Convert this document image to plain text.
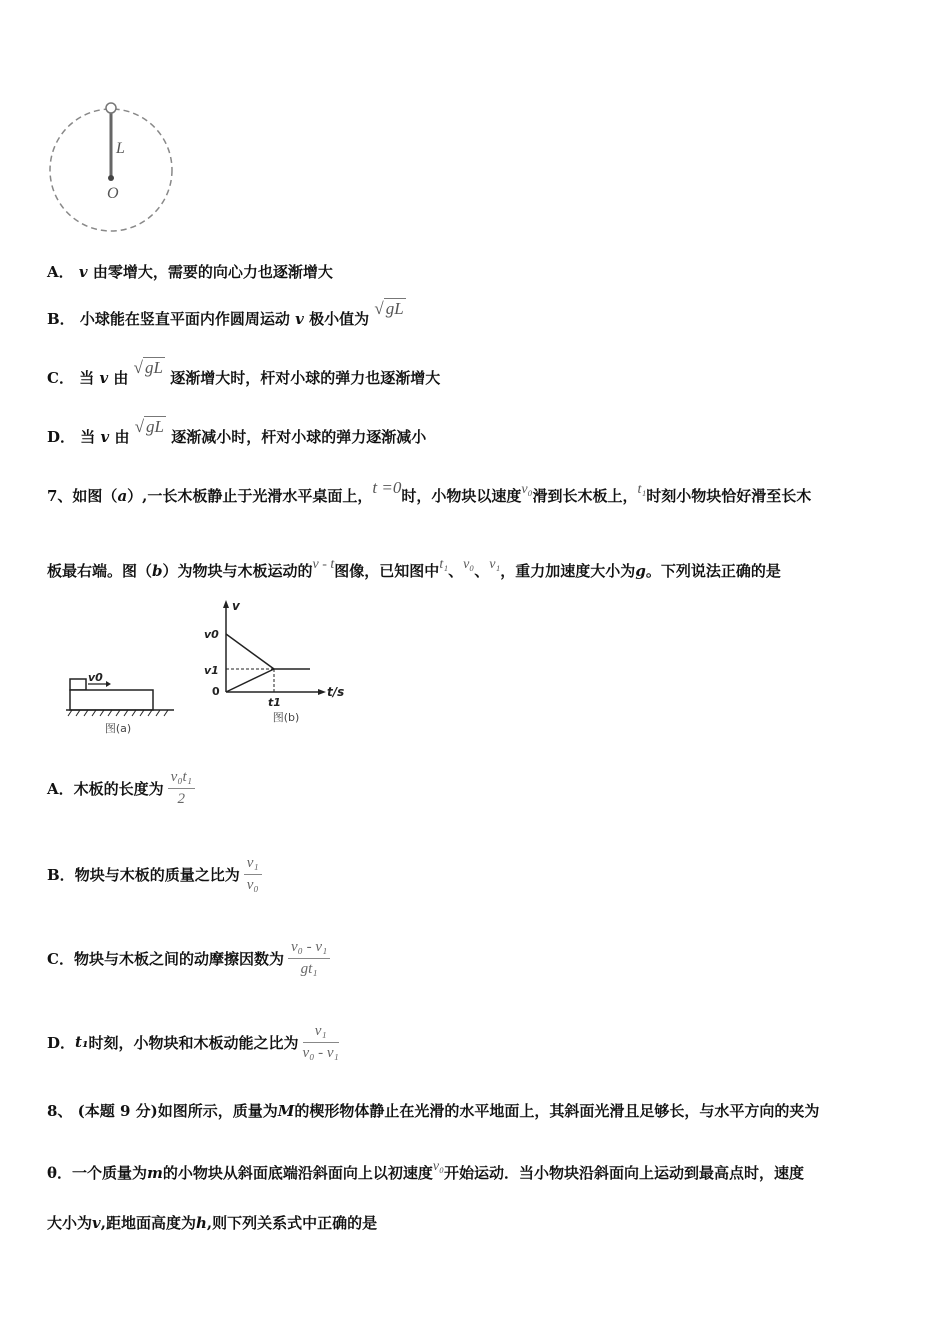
L
O
A． v 由零增大，需要的向心力也逐渐增大
B． 小球能在竖直平面内作圆周运动 v 极小值为 √ gL
C． 当 v 由 √ gL 逐渐增大时，杆对小球的弹力也逐渐增大
D． 当 v 由 √ gL 逐渐减小时，杆对小球的弹力逐渐减小
7、如图（a）,一长木板静止于光滑水平桌面上，t =0时，小物块以速度v₀滑到长木板上，t₁时刻小物块恰好滑至长木
板最右端。图（b）为物块与木板运动的v - t图像，已知图中t₁、v₀、v₁，重力加速度大小为g。下列说法正确的是
v0
图(a)
v
t/s
v0
v1
0
t1
图(b)
A． 木板的长度为 $\frac{\text{v₀t₁}}{2}$
B． 物块与木板的质量之比为 $\frac{\text{v₁}}{\text{v₀}}$
C． 物块与木板之间的动摩擦因数为 $\frac{\text{v₀ - v₁}}{\text{gt₁}}$
D． t₁ 时刻，小物块和木板动能之比为 $\frac{\text{v₁}}{\text{v₀ - v₁}}$
8、 (本题 9 分)如图所示，质量为M的楔形物体静止在光滑的水平地面上，其斜面光滑且足够长，与水平方向的夹为
θ．一个质量为m的小物块从斜面底端沿斜面向上以初速度v₀开始运动．当小物块沿斜面向上运动到最高点时，速度
大小为v,距地面高度为h,则下列关系式中正确的是
